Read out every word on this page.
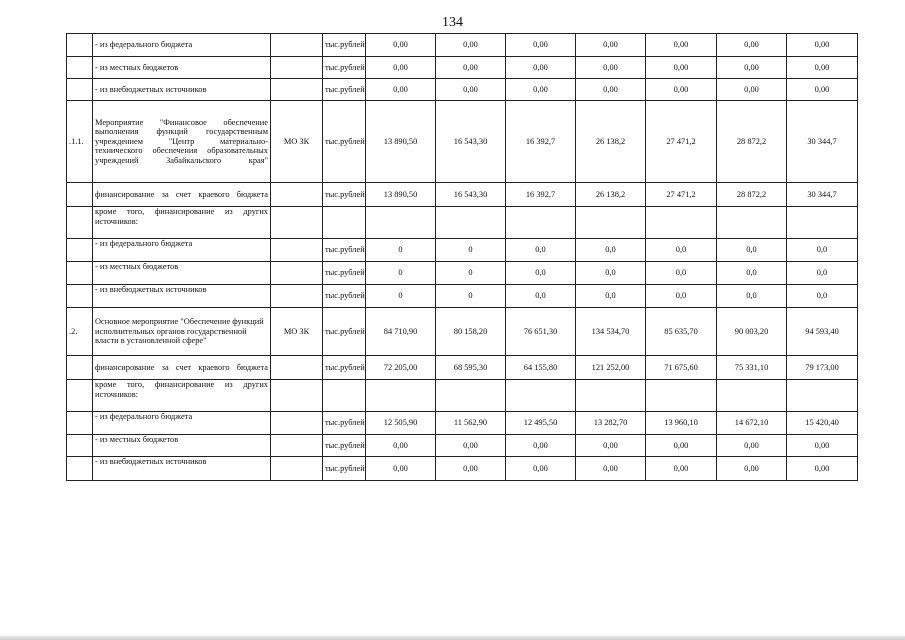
134
	- из федерального бюджета		тыс.рублей	0,00	0,00	0,00	0,00	0,00	0,00	0,00
	- из местных бюджетов		тыс.рублей	0,00	0,00	0,00	0,00	0,00	0,00	0,00
	- из внебюджетных источников		тыс.рублей	0,00	0,00	0,00	0,00	0,00	0,00	0,00
.1.1.	Мероприятие "Финансовое обеспечение выполнения функций государственным учреждением "Центр материально-технического обеспечения образовательных учреждений Забайкальского края"	МО ЗК	тыс.рублей	13 890,50	16 543,30	16 392,7	26 138,2	27 471,2	28 872,2	30 344,7
	финансирование за счет краевого бюджета		тыс.рублей	13 890,50	16 543,30	16 392,7	26 138,2	27 471,2	28 872,2	30 344,7
	кроме того, финансирование из других источников:									
	- из федерального бюджета		тыс.рублей	0	0	0,0	0,0	0,0	0,0	0,0
	- из местных бюджетов		тыс.рублей	0	0	0,0	0,0	0,0	0,0	0,0
	- из внебюджетных источников		тыс.рублей	0	0	0,0	0,0	0,0	0,0	0,0
.2.	Основное мероприятие "Обеспечение функций исполнительных органов государственной власти в установленной сфере"	МО ЗК	тыс.рублей	84 710,90	80 158,20	76 651,30	134 534,70	85 635,70	90 003,20	94 593,40
	финансирование за счет краевого бюджета		тыс.рублей	72 205,00	68 595,30	64 155,80	121 252,00	71 675,60	75 331,10	79 173,00
	кроме того, финансирование из других источников:									
	- из федерального бюджета		тыс.рублей	12 505,90	11 562,90	12 495,50	13 282,70	13 960,10	14 672,10	15 420,40
	- из местных бюджетов		тыс.рублей	0,00	0,00	0,00	0,00	0,00	0,00	0,00
	- из внебюджетных источников		тыс.рублей	0,00	0,00	0,00	0,00	0,00	0,00	0,00
